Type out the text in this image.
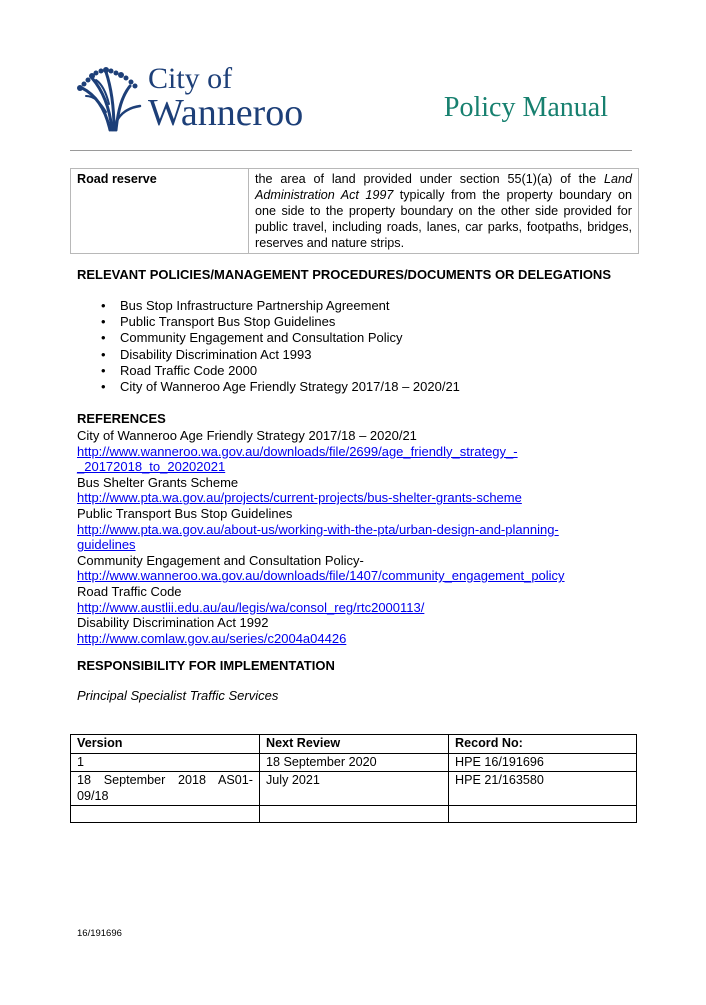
City of
Wanneroo	Policy Manual
Road reserve	the area of land provided under section 55(1)(a) of the Land Administration Act 1997 typically from the property boundary on one side to the property boundary on the other side provided for public travel, including roads, lanes, car parks, footpaths, bridges, reserves and nature strips.
RELEVANT POLICIES/MANAGEMENT PROCEDURES/DOCUMENTS OR DELEGATIONS
• Bus Stop Infrastructure Partnership Agreement
• Public Transport Bus Stop Guidelines
• Community Engagement and Consultation Policy
• Disability Discrimination Act 1993
• Road Traffic Code 2000
• City of Wanneroo Age Friendly Strategy 2017/18 – 2020/21
REFERENCES
City of Wanneroo Age Friendly Strategy 2017/18 – 2020/21
http://www.wanneroo.wa.gov.au/downloads/file/2699/age_friendly_strategy_-
_20172018_to_20202021
Bus Shelter Grants Scheme
http://www.pta.wa.gov.au/projects/current-projects/bus-shelter-grants-scheme
Public Transport Bus Stop Guidelines
http://www.pta.wa.gov.au/about-us/working-with-the-pta/urban-design-and-planning-
guidelines
Community Engagement and Consultation Policy-
http://www.wanneroo.wa.gov.au/downloads/file/1407/community_engagement_policy
Road Traffic Code
http://www.austlii.edu.au/au/legis/wa/consol_reg/rtc2000113/
Disability Discrimination Act 1992
http://www.comlaw.gov.au/series/c2004a04426
RESPONSIBILITY FOR IMPLEMENTATION
Principal Specialist Traffic Services
Version	Next Review	Record No:
1	18 September 2020	HPE 16/191696
18 September 2018 AS01-09/18	July 2021	HPE 21/163580

16/191696
